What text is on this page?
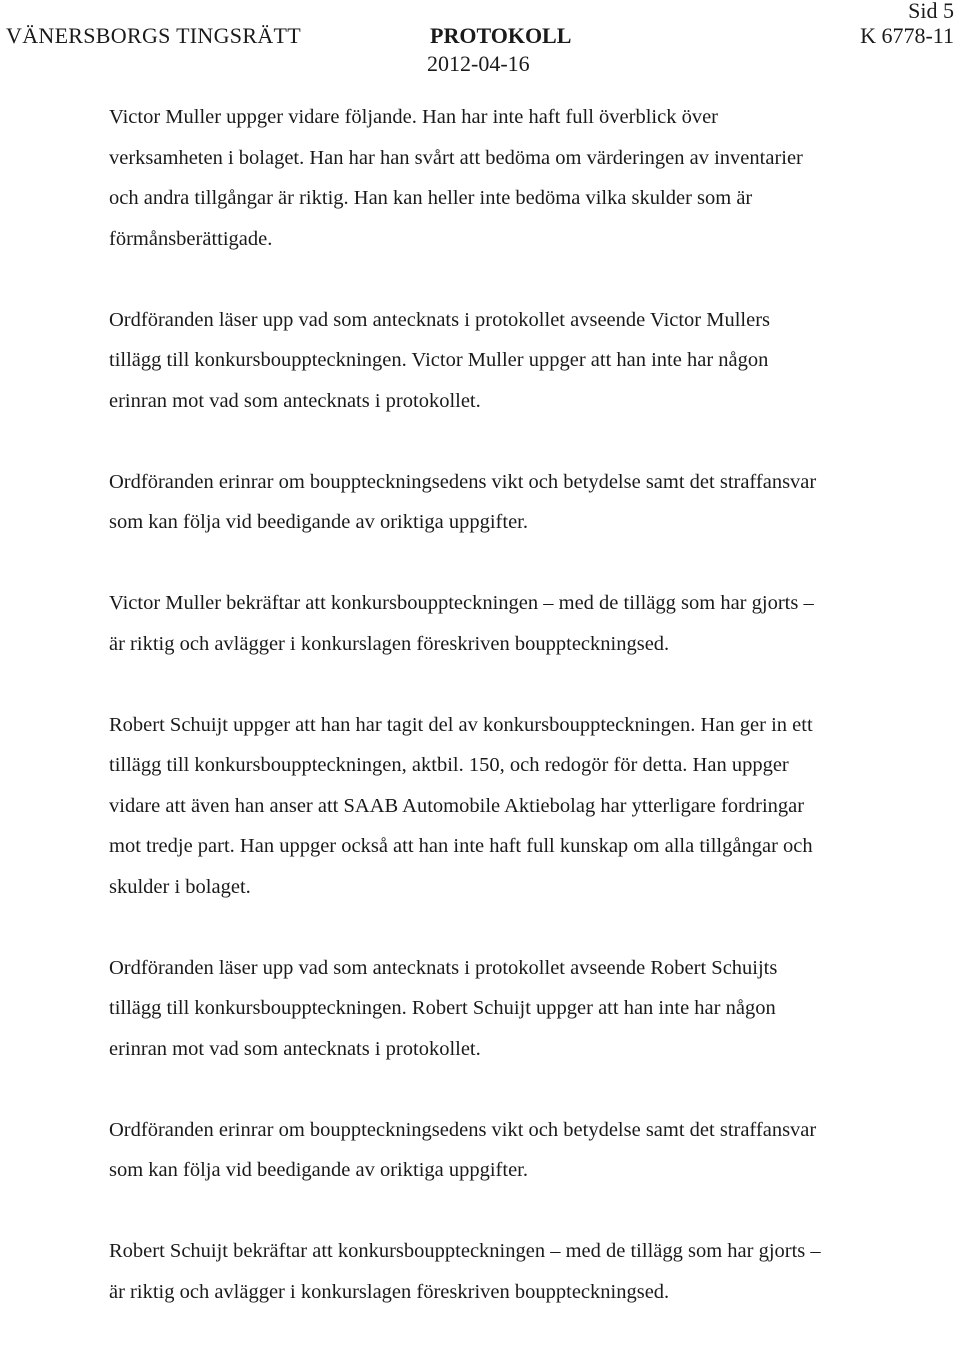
Sid 5
VÄNERSBORGS TINGSRÄTT	PROTOKOLL	K 6778-11
2012-04-16
Victor Muller uppger vidare följande. Han har inte haft full överblick över
verksamheten i bolaget. Han har han svårt att bedöma om värderingen av inventarier
och andra tillgångar är riktig. Han kan heller inte bedöma vilka skulder som är
förmånsberättigade.
Ordföranden läser upp vad som antecknats i protokollet avseende Victor Mullers
tillägg till konkursbouppteckningen. Victor Muller uppger att han inte har någon
erinran mot vad som antecknats i protokollet.
Ordföranden erinrar om bouppteckningsedens vikt och betydelse samt det straffansvar
som kan följa vid beedigande av oriktiga uppgifter.
Victor Muller bekräftar att konkursbouppteckningen – med de tillägg som har gjorts –
är riktig och avlägger i konkurslagen föreskriven bouppteckningsed.
Robert Schuijt uppger att han har tagit del av konkursbouppteckningen. Han ger in ett
tillägg till konkursbouppteckningen, aktbil. 150, och redogör för detta. Han uppger
vidare att även han anser att SAAB Automobile Aktiebolag har ytterligare fordringar
mot tredje part. Han uppger också att han inte haft full kunskap om alla tillgångar och
skulder i bolaget.
Ordföranden läser upp vad som antecknats i protokollet avseende Robert Schuijts
tillägg till konkursbouppteckningen. Robert Schuijt uppger att han inte har någon
erinran mot vad som antecknats i protokollet.
Ordföranden erinrar om bouppteckningsedens vikt och betydelse samt det straffansvar
som kan följa vid beedigande av oriktiga uppgifter.
Robert Schuijt bekräftar att konkursbouppteckningen – med de tillägg som har gjorts –
är riktig och avlägger i konkurslagen föreskriven bouppteckningsed.
